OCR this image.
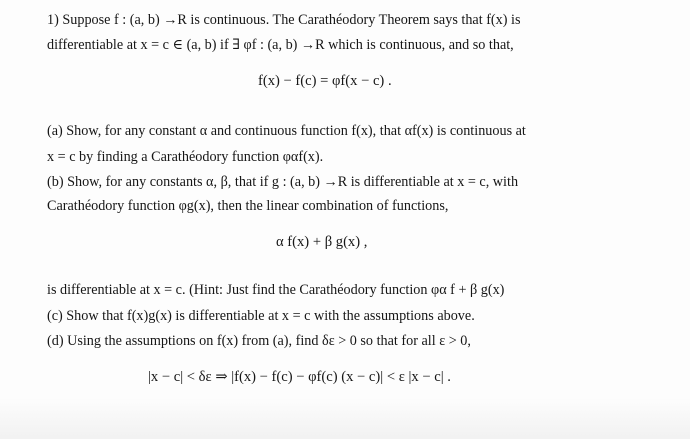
1) Suppose f : (a, b) →R is continuous. The Carathéodory Theorem says that f(x) is
differentiable at x = c ∈ (a, b) if ∃ φf : (a, b) →R which is continuous, and so that,
f(x) − f(c) = φf(x − c) .
(a) Show, for any constant α and continuous function f(x), that αf(x) is continuous at
x = c by finding a Carathéodory function φαf(x).
(b) Show, for any constants α, β, that if g : (a, b) →R is differentiable at x = c, with
Carathéodory function φg(x), then the linear combination of functions,
α f(x) + β g(x) ,
is differentiable at x = c. (Hint: Just find the Carathéodory function φα f + β g(x)
(c) Show that f(x)g(x) is differentiable at x = c with the assumptions above.
(d) Using the assumptions on f(x) from (a), find δε > 0 so that for all ε > 0,
|x − c| < δε ⇒ |f(x) − f(c) − φf(c) (x − c)| < ε |x − c| .
